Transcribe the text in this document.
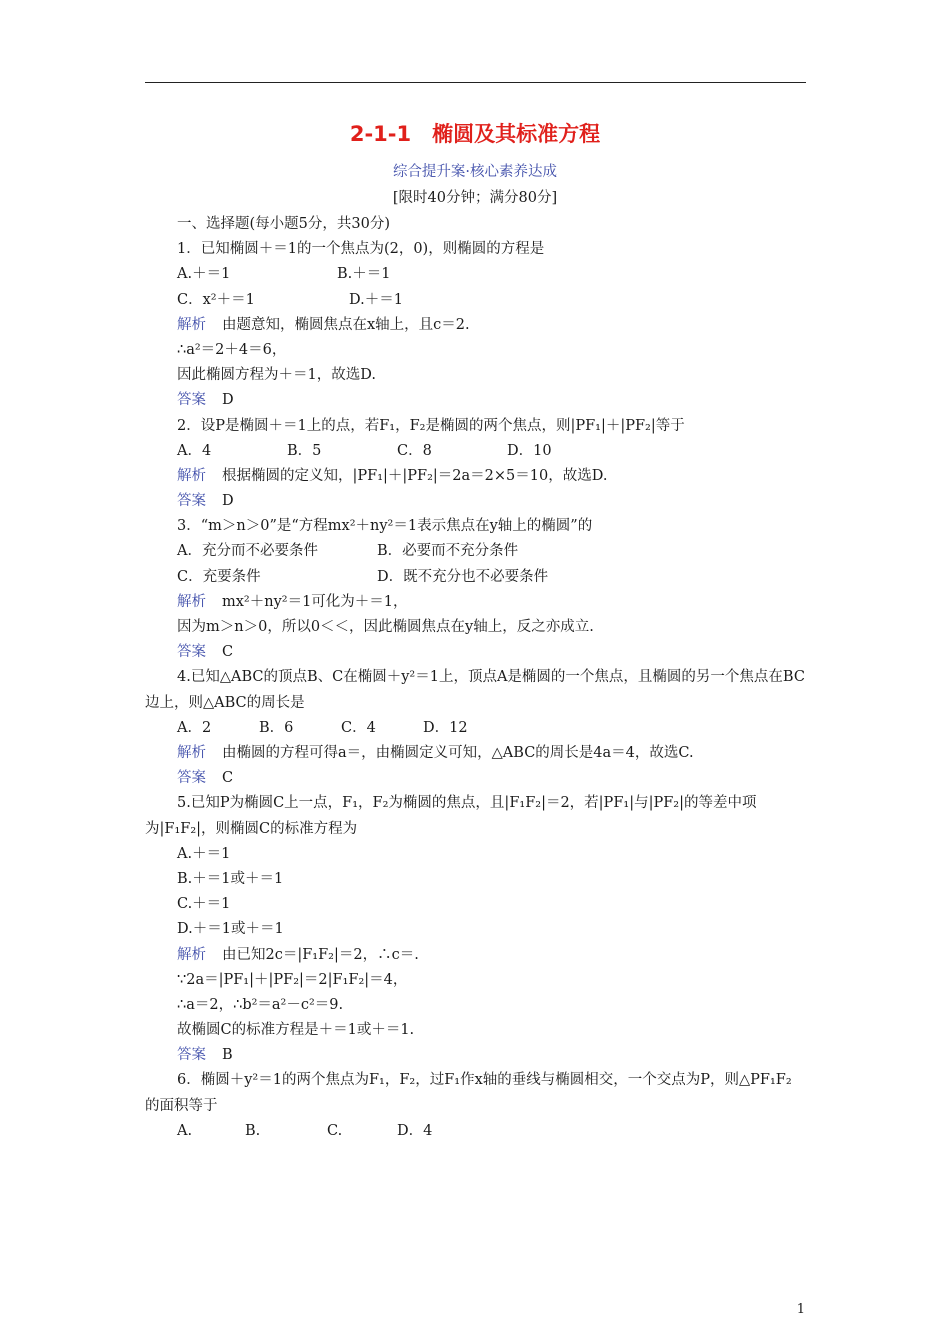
2-1-1　椭圆及其标准方程
综合提升案·核心素养达成
[限时40分钟；满分80分]
一、选择题(每小题5分，共30分)
1．已知椭圆＋＝1的一个焦点为(2，0)，则椭圆的方程是
A.＋＝1	B.＋＝1
C．x²＋＝1	D.＋＝1
解析 由题意知，椭圆焦点在x轴上，且c＝2.
∴a²＝2＋4＝6，
因此椭圆方程为＋＝1，故选D.
答案 D
2．设P是椭圆＋＝1上的点，若F₁，F₂是椭圆的两个焦点，则|PF₁|＋|PF₂|等于
A．4	B．5	C．8	D．10
解析 根据椭圆的定义知，|PF₁|＋|PF₂|＝2a＝2×5＝10，故选D.
答案 D
3．“m＞n＞0”是“方程mx²＋ny²＝1表示焦点在y轴上的椭圆”的
A．充分而不必要条件	B．必要而不充分条件
C．充要条件	D．既不充分也不必要条件
解析 mx²＋ny²＝1可化为＋＝1，
因为m＞n＞0，所以0＜＜，因此椭圆焦点在y轴上，反之亦成立.
答案 C
4.已知△ABC的顶点B、C在椭圆＋y²＝1上，顶点A是椭圆的一个焦点，且椭圆的另一个焦点在BC边上，则△ABC的周长是
A．2	B．6	C．4	D．12
解析 由椭圆的方程可得a＝，由椭圆定义可知，△ABC的周长是4a＝4，故选C.
答案 C
5.已知P为椭圆C上一点，F₁，F₂为椭圆的焦点，且|F₁F₂|＝2，若|PF₁|与|PF₂|的等差中项为|F₁F₂|，则椭圆C的标准方程为
A.＋＝1
B.＋＝1或＋＝1
C.＋＝1
D.＋＝1或＋＝1
解析 由已知2c＝|F₁F₂|＝2，∴c＝.
∵2a＝|PF₁|＋|PF₂|＝2|F₁F₂|＝4，
∴a＝2，∴b²＝a²－c²＝9.
故椭圆C的标准方程是＋＝1或＋＝1.
答案 B
6．椭圆＋y²＝1的两个焦点为F₁，F₂，过F₁作x轴的垂线与椭圆相交，一个交点为P，则△PF₁F₂的面积等于
A.	B.	C.	D．4
1
